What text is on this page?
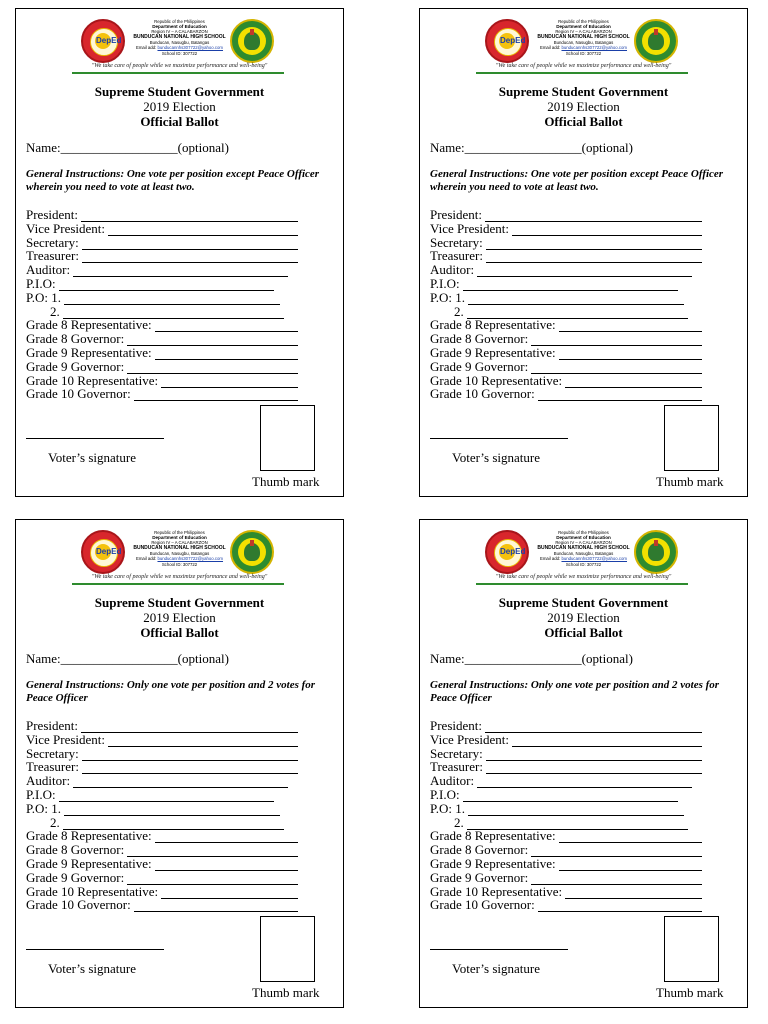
DepEd
Republic of the Philippines
Department of Education
Region IV – A CALABARZON
BUNDUCAN NATIONAL HIGH SCHOOL
Bunducan, Nasugbu, Batangas
Email add: bunducannhs307722@yahoo.com
School ID: 307722
"We take care of people while we maximize performance and well-being"
Supreme Student Government
2019 Election
Official Ballot
Name:__________________(optional)
General Instructions: One vote per position except Peace Officer wherein you need to vote at least two.
President:
Vice President:
Secretary:
Treasurer:
Auditor:
P.I.O:
P.O: 1.
2.
Grade 8 Representative:
Grade 8 Governor:
Grade 9 Representative:
Grade 9 Governor:
Grade 10 Representative:
Grade 10 Governor:
Voter’s signature
Thumb mark
DepEd
Republic of the Philippines
Department of Education
Region IV – A CALABARZON
BUNDUCAN NATIONAL HIGH SCHOOL
Bunducan, Nasugbu, Batangas
Email add: bunducannhs307722@yahoo.com
School ID: 307722
"We take care of people while we maximize performance and well-being"
Supreme Student Government
2019 Election
Official Ballot
Name:__________________(optional)
General Instructions: One vote per position except Peace Officer wherein you need to vote at least two.
President:
Vice President:
Secretary:
Treasurer:
Auditor:
P.I.O:
P.O: 1.
2.
Grade 8 Representative:
Grade 8 Governor:
Grade 9 Representative:
Grade 9 Governor:
Grade 10 Representative:
Grade 10 Governor:
Voter’s signature
Thumb mark
DepEd
Republic of the Philippines
Department of Education
Region IV – A CALABARZON
BUNDUCAN NATIONAL HIGH SCHOOL
Bunducan, Nasugbu, Batangas
Email add: bunducannhs307722@yahoo.com
School ID: 307722
"We take care of people while we maximize performance and well-being"
Supreme Student Government
2019 Election
Official Ballot
Name:__________________(optional)
General Instructions: Only one vote per position and 2 votes for Peace Officer
President:
Vice President:
Secretary:
Treasurer:
Auditor:
P.I.O:
P.O: 1.
2.
Grade 8 Representative:
Grade 8 Governor:
Grade 9 Representative:
Grade 9 Governor:
Grade 10 Representative:
Grade 10 Governor:
Voter’s signature
Thumb mark
DepEd
Republic of the Philippines
Department of Education
Region IV – A CALABARZON
BUNDUCAN NATIONAL HIGH SCHOOL
Bunducan, Nasugbu, Batangas
Email add: bunducannhs307722@yahoo.com
School ID: 307722
"We take care of people while we maximize performance and well-being"
Supreme Student Government
2019 Election
Official Ballot
Name:__________________(optional)
General Instructions: Only one vote per position and 2 votes for Peace Officer
President:
Vice President:
Secretary:
Treasurer:
Auditor:
P.I.O:
P.O: 1.
2.
Grade 8 Representative:
Grade 8 Governor:
Grade 9 Representative:
Grade 9 Governor:
Grade 10 Representative:
Grade 10 Governor:
Voter’s signature
Thumb mark
